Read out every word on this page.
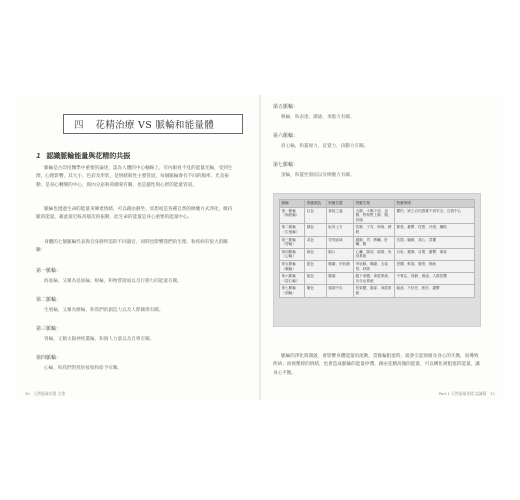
四 花精治療 VS 脈輪和能量體
1 認識脈輪能量與花精的共振

脈輪是古印度醫學中重要的論述，認為人體的中心軸線上，有內眼看不見的能量光輪，受到生理、心理影響，其大小、色彩及形狀，是情緒與性主要管道，每個脈輪會有不同的頻率、光及振動，是身心轉變的中心，與內分泌和荷爾蒙有關，也是靈性與心智的能量管道。

脈輪也透過生命的能量來傳達情緒，可以藉由靜坐、冥想或是各種自然的療癒方式淨化，維持脈的能量，藉此接近較高層次的振動，此生命的能量是身心重要的能量中心。

身體的七個脈輪代表與自身靜所需的不同器官，同時也影響我們的生理、和疾病有很大的關聯：

第一脈輪：
海底輪，又稱為基底輪、根輪，和物質層面以及行動力的能量有關。
第二脈輪：
生殖輪，又稱為臍輪，和我們的創造力以及人際關係有關。
第三脈輪：
胃輪，又稱太陽神經叢輪，和個人力量以及自尊有關。
第四脈輪：
心輪，和我們對愛的接收和給予有關。
30 天然能量花精 全書
第五脈輪：
喉輪，和表達、溝通、承擔力有關。
第六脈輪：
眉心輪，和靈視力、直覺力、決斷力有關。
第七脈輪：
頂輪，和靈性層面以及療癒力有關。
脈輪	對應顏色	對應位置	對應生理	對應情緒
第一脈輪（海底輪）	紅色	會陰之處	大腸、小腸下部、直腸、腎與腎上腺、腿、骨頭	懼怕、缺乏自信感覺不到安全、自我中心
第二脈輪（生殖輪）	橘色	恥骨上方	性腺、子宮、卵巢、膀胱	緊張、憂鬱、性慾、冷漠、懶散
第三脈輪（胃輪）	黃色	胃的區域	胰腺、胃、脾臟、肝臟、膽	苦悶、驕傲、貪心、畏懼
第四脈輪（心輪）	綠色	胸口	心臟、肺部、循環、免疫系統	自私、猶豫、自閉、憂鬱、傷害
第五脈輪（喉輪）	藍色	喉嚨、甲狀腺	甲狀腺、喉嚨、支氣管、呼吸	恐懼、軟弱、緊張、無助
第六脈輪（眉心輪）	靛色	額頭	腦下垂體、神經系統、內分泌系統	不專注、孤僻、困惑、人際恐懼
第七脈輪（頂輪）	紫色	頭頂中央	松果體、腦部、神經系統	疑惑、不信任、挫折、憂鬱

脈輪的淨化與開啟，會影響身體能量的流動，當脈輪阻塞時，就會引起情緒及身心的失衡，而導致疾病；而被壓抑的情緒，也會造成脈輪的能量停滯，藉由花精高頻的能量，可以轉化被阻塞的能量，讓身心平衡。

Part 1 天然能量花精 認識篇 31
